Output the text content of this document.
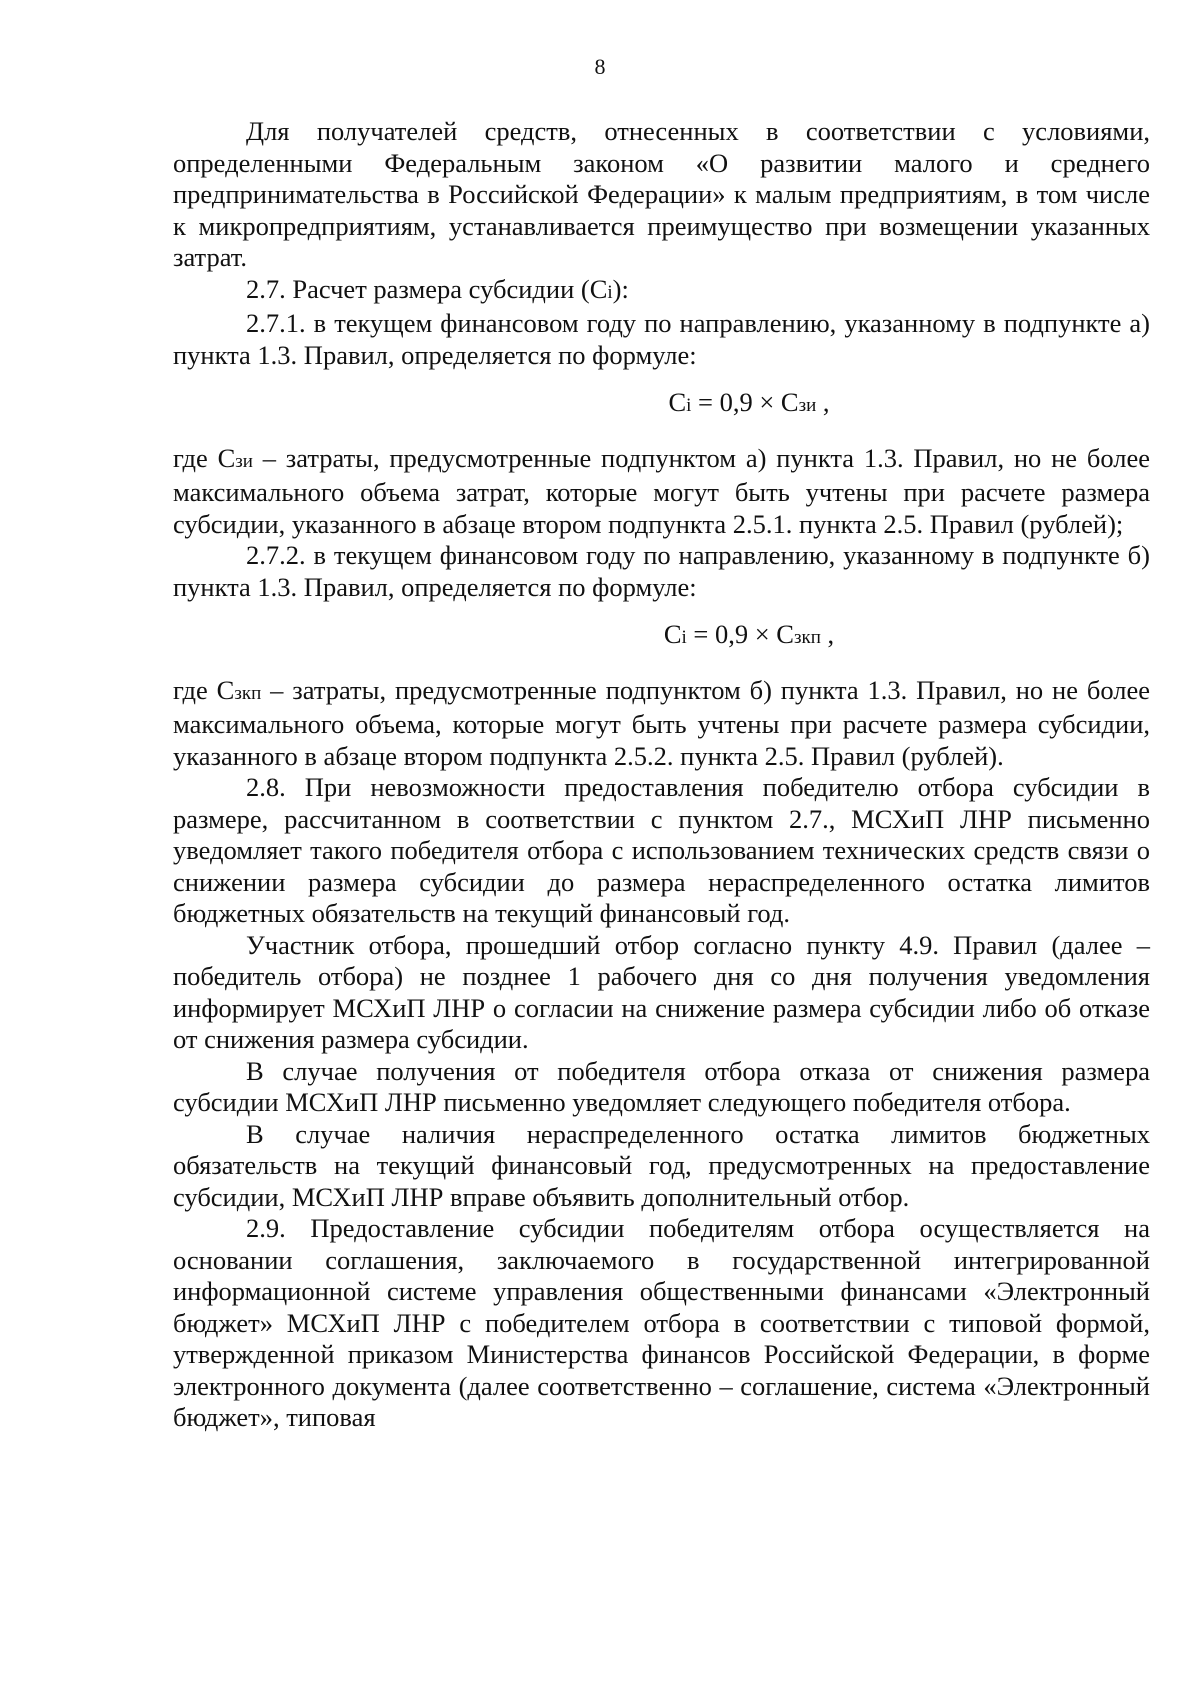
8

Для получателей средств, отнесенных в соответствии с условиями, определенными Федеральным законом «О развитии малого и среднего предпринимательства в Российской Федерации» к малым предприятиям, в том числе к микропредприятиям, устанавливается преимущество при возмещении указанных затрат.

2.7. Расчет размера субсидии (Сi):

2.7.1. в текущем финансовом году по направлению, указанному в подпункте а) пункта 1.3. Правил, определяется по формуле:

Сi = 0,9 × Сзи ,

где Сзи – затраты, предусмотренные подпунктом а) пункта 1.3. Правил, но не более максимального объема затрат, которые могут быть учтены при расчете размера субсидии, указанного в абзаце втором подпункта 2.5.1. пункта 2.5. Правил (рублей);

2.7.2. в текущем финансовом году по направлению, указанному в подпункте б) пункта 1.3. Правил, определяется по формуле:

Сi = 0,9 × Сзкп ,

где Сзкп – затраты, предусмотренные подпунктом б) пункта 1.3. Правил, но не более максимального объема, которые могут быть учтены при расчете размера субсидии, указанного в абзаце втором подпункта 2.5.2. пункта 2.5. Правил (рублей).

2.8. При невозможности предоставления победителю отбора субсидии в размере, рассчитанном в соответствии с пунктом 2.7., МСХиП ЛНР письменно уведомляет такого победителя отбора с использованием технических средств связи о снижении размера субсидии до размера нераспределенного остатка лимитов бюджетных обязательств на текущий финансовый год.

Участник отбора, прошедший отбор согласно пункту 4.9. Правил (далее – победитель отбора) не позднее 1 рабочего дня со дня получения уведомления информирует МСХиП ЛНР о согласии на снижение размера субсидии либо об отказе от снижения размера субсидии.

В случае получения от победителя отбора отказа от снижения размера субсидии МСХиП ЛНР письменно уведомляет следующего победителя отбора.

В случае наличия нераспределенного остатка лимитов бюджетных обязательств на текущий финансовый год, предусмотренных на предоставление субсидии, МСХиП ЛНР вправе объявить дополнительный отбор.

2.9. Предоставление субсидии победителям отбора осуществляется на основании соглашения, заключаемого в государственной интегрированной информационной системе управления общественными финансами «Электронный бюджет» МСХиП ЛНР с победителем отбора в соответствии с типовой формой, утвержденной приказом Министерства финансов Российской Федерации, в форме электронного документа (далее соответственно – соглашение, система «Электронный бюджет», типовая
